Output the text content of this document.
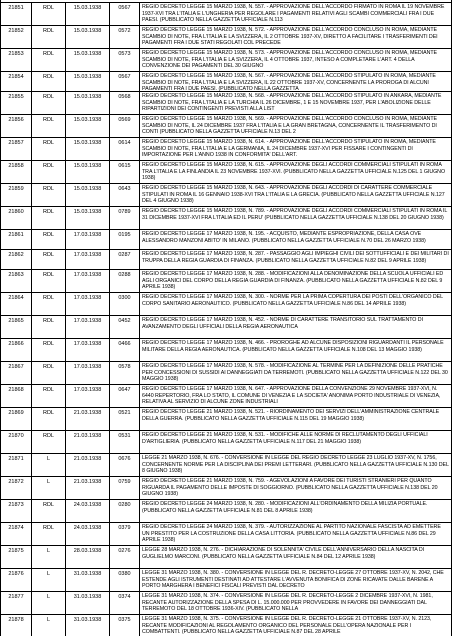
21851	RDL	15.03.1938	0567	REGIO DECRETO LEGGE 15 MARZO 1938, N. 557. - APPROVAZIONE DELL'ACCORDO FIRMATO IN ROMA IL 19 NOVEMBRE 1937-XVI TRA L'ITALIA E L'UNGHERIA PER REGOLARE I PAGAMENTI RELATIVI AGLI SCAMBI COMMERCIALI FRA I DUE PAESI. (PUBBLICATO NELLA GAZZETTA UFFICIALE N.113
21852	RDL	15.03.1938	0572	REGIO DECRETO LEGGE 15 MARZO 1938, N. 572. - APPROVAZIONE DELL'ACCORDO CONCLUSO IN ROMA, MEDIANTE SCAMBIO DI NOTE, FRA L'ITALIA E LA SVIZZERA, IL 2 OTTOBRE 1937-XV, DIRETTO A FACILITARE I TRASFERIMENTI DEI PAGAMENTI FRA I DUE STATI REGOLATI COL PRECEDE
21853	RDL	15.03.1938	0573	REGIO DECRETO LEGGE 15 MARZO 1938, N. 573. - APPROVAZIONE DELL'ACCORDO CONCLUSO IN ROMA, MEDIANTE SCAMBIO DI NOTE, FRA L'ITALIA E LA SVIZZERA, IL 4 OTTOBRE 1937, INTESO A COMPLETARE L'ART. 4 DELLA CONVENZIONE DEI PAGAMENTI DEL 30 GIUGNO
21854	RDL	15.03.1938	0567	REGIO DECRETO LEGGE 15 MARZO 1938, N. 567. - APPROVAZIONE DELL'ACCORDO STIPULATO IN ROMA, MEDIANTE SCAMBIO DI NOTE, FRA L'ITALIA E LA SVIZZERA, IL 22 OTTOBRE 1937-XV, CONCERNENTE LA PROROGA DI ALCUNI PAGAMENTI FRA I DUE PAESI. (PUBBLICATO NELLA GAZZETTA
21855	RDL	15.03.1938	0568	REGIO DECRETO LEGGE 15 MARZO 1938, N. 568. - APPROVAZIONE DELL'ACCORDO STIPULATO IN ANKARA, MEDIANTE SCAMBIO DI NOTE, FRA L'ITALIA E LA TURCHIA IL 26 DICEMBRE, 1 E 15 NOVEMBRE 1937, PER L'ABOLIZIONE DELLE RIPARTIZIONI DEI CONTINGENTI PREVISTI ALLA LIST
21856	RDL	15.03.1938	0569	REGIO DECRETO LEGGE 15 MARZO 1938, N. 569. - APPROVAZIONE DELL'ACCORDO CONCLUSO IN ROMA, MEDIANTE SCAMBIO DI NOTE, IL 24 DICEMBRE 1937 FRA L'ITALIA E LA GRAN BRETAGNA, CONCERNENTE IL TRASFERIMENTO DI CONTI (PUBBLICATO NELLA GAZZETTA UFFICIALE N.13 DEL 2
21857	RDL	15.03.1938	0614	REGIO DECRETO LEGGE 15 MARZO 1938, N. 614. - APPROVAZIONE DELL'ACCORDO STIPULATO IN ROMA, MEDIANTE SCAMBIO DI NOTE, FRA L'ITALIA E LA GERMANIA, IL 24 DICEMBRE 1937-XVI PER FISSARE I CONTINGENTI DI IMPORTAZIONE PER L'ANNO 1938 IN CONFORMITA' DELL'ART.
21858	RDL	15.03.1938	0615	REGIO DECRETO LEGGE 15 MARZO 1938, N. 615. - APPROVAZIONE DEGLI ACCORDI COMMERCIALI STIPULATI IN ROMA TRA L'ITALIA E LA FINLANDIA IL 23 NOVEMBRE 1937-XVI. (PUBBLICATO NELLA GAZZETTA UFFICIALE N.125 DEL 1 GIUGNO 1938)
21859	RDL	15.03.1938	0643	REGIO DECRETO LEGGE 15 MARZO 1938, N. 643. - APPROVAZIONE DEGLI ACCORDI DI CARATTERE COMMERCIALE STIPULATI IN ROMA IL 16 GENNAIO 1938-XVI TRA L'ITALIA E LA GRECIA. (PUBBLICATO NELLA GAZZETTA UFFICIALE N.127 DEL 4 GIUGNO 1938)
21860	RDL	15.03.1938	0789	REGIO DECRETO LEGGE 15 MARZO 1938, N. 789. - APPROVAZIONE DEGLI ACCORDI COMMERCIALI STIPULATI IN ROMA IL 31 DICEMBRE 1937-XVI FRA L'ITALIA ED IL PERU' (PUBBLICATO NELLA GAZZETTA UFFICIALE N.138 DEL 20 GIUGNO 1938)
21861	RDL	17.03.1938	0195	REGIO DECRETO LEGGE 17 MARZO 1938, N. 195. - ACQUISTO, MEDIANTE ESPROPRIAZIONE, DELLA CASA OVE ALESSANDRO MANZONI ABITO' IN MILANO. (PUBBLICATO NELLA GAZZETTA UFFICIALE N.70 DEL 26 MARZO 1938)
21862	RDL	17.03.1938	0287	REGIO DECRETO LEGGE 17 MARZO 1938, N. 287. - PASSAGGIO AGLI IMPIEGHI CIVILI DEI SOTTUFFICIALI E DEI MILITARI DI TRUPPA DELLA REGIA GUARDIA DI FINANZA. (PUBBLICATO NELLA GAZZETTA UFFICIALE N.82 DEL 9 APRILE 1938)
21863	RDL	17.03.1938	0288	REGIO DECRETO LEGGE 17 MARZO 1938, N. 288. - MODIFICAZIONI ALLA DENOMINAZIONE DELLA SCUOLA UFFICIALI ED AGLI ORGANICI DEL CORPO DELLA REGIA GUARDIA DI FINANZA. (PUBBLICATO NELLA GAZZETTA UFFICIALE N.82 DEL 9 APRILE 1938)
21864	RDL	17.03.1938	0300	REGIO DECRETO LEGGE 17 MARZO 1938, N. 300. - NORME PER LA PRIMA COPERTURA DEI POSTI DELL'ORGANICO DEL CORPO SANITARIO AERONAUTICO. (PUBBLICATO NELLA GAZZETTA UFFICIALE N.86 DEL 14 APRILE 1938)
21865	RDL	17.03.1938	0452	REGIO DECRETO LEGGE 17 MARZO 1938, N. 452. - NORME DI CARATTERE TRANSITORIO SUL TRATTAMENTO DI AVANZAMENTO DEGLI UFFICIALI DELLA REGIA AERONAUTICA
21866	RDL	17.03.1938	0466	REGIO DECRETO LEGGE 17 MARZO 1938, N. 466. - PROROGHE AD ALCUNE DISPOSIZIONI RIGUARDANTI IL PERSONALE MILITARE DELLA REGIA AERONAUTICA. (PUBBLICATO NELLA GAZZETTA UFFICIALE N.108 DEL 13 MAGGIO 1938)
21867	RDL	17.03.1938	0578	REGIO DECRETO LEGGE 17 MARZO 1938, N. 578. - MODIFICAZIONE AL TERMINE PER LA DEFINIZIONE DELLE PRATICHE PER CONCESSIONI DI SUSSIDI AI DANNEGGIATI DA TERREMOTI. (PUBBLICATO NELLA GAZZETTA UFFICIALE N.122 DEL 30 MAGGIO 1938)
21868	RDL	17.03.1938	0647	REGIO DECRETO LEGGE 17 MARZO 1938, N. 647. - APPROVAZIONE DELLA CONVENZIONE 29 NOVEMBRE 1937-XVI, N. 6440 REPERTORIO, FRA LO STATO, IL COMUNE DI VENEZIA E LA SOCIETA' ANONIMA PORTO INDUSTRIALE DI VENEZIA, RELATIVA AL SERVIZIO DI ALCUNE ZONE INDUSTRIALI
21869	RDL	21.03.1938	0521	REGIO DECRETO LEGGE 21 MARZO 1938, N. 521. - RIORDINAMENTO DEI SERVIZI DELL'AMMINISTRAZIONE CENTRALE DELLA GUERRA. (PUBBLICATO NELLA GAZZETTA UFFICIALE N.115 DEL 19 MAGGIO 1938)
21870	RDL	21.03.1938	0531	REGIO DECRETO LEGGE 21 MARZO 1938, N. 531. - MODIFICHE ALLE NORME DI RECLUTAMENTO DEGLI UFFICIALI D'ARTIGLIERIA. (PUBBLICATO NELLA GAZZETTA UFFICIALE N.117 DEL 21 MAGGIO 1938)
21871	L	21.03.1938	0676	LEGGE 21 MARZO 1938, N. 676. - CONVERSIONE IN LEGGE DEL REGIO DECRETO LEGGE 23 LUGLIO 1937-XV, N. 1756, CONCERNENTE NORME PER LA DISCIPLINA DEI PREMI LETTERARI. (PUBBLICATO NELLA GAZZETTA UFFICIALE N.130 DEL 8 GIUGNO 1938)
21872	L	21.03.1938	0759	REGIO DECRETO LEGGE 21 MARZO 1938, N. 759. - AGEVOLAZIONI A FAVORE DEI TURISTI STRANIERI PER QUANTO RIGUARDA IL PAGAMENTO DELLE IMPOSTE DI SOGGIORNO. (PUBBLICATO NELLA GAZZETTA UFFICIALE N.138 DEL 20 GIUGNO 1938)
21873	RDL	24.03.1938	0280	REGIO DECRETO LEGGE 24 MARZO 1938, N. 280. - MODIFICAZIONI ALL'ORDINAMENTO DELLA MILIZIA PORTUALE. (PUBBLICATO NELLA GAZZETTA UFFICIALE N.81 DEL 8 APRILE 1938)
21874	RDL	24.03.1938	0379	REGIO DECRETO LEGGE 24 MARZO 1938, N. 379. - AUTORIZZAZIONE AL PARTITO NAZIONALE FASCISTA AD EMETTERE UN PRESTITO PER LA COSTRUZIONE DELLA CASA LITTORIA. (PUBBLICATO NELLA GAZZETTA UFFICIALE N.86 DEL 29 APRILE 1938)
21875	L	28.03.1938	0276	LEGGE 28 MARZO 1938, N. 276. - DICHIARAZIONE DI SOLENNITA' CIVILE DELL'ANNIVERSARIO DELLA NASCITA DI GUGLIELMO MARCONI. (PUBBLICATO NELLA GAZZETTA UFFICIALE N.84 DEL 12 APRILE 1938)
21876	L	31.03.1938	0380	LEGGE 31 MARZO 1938, N. 380. - CONVERSIONE IN LEGGE DEL R. DECRETO-LEGGE 27 OTTOBRE 1937-XV, N. 2042, CHE ESTENDE AGLI ISTRUMENTI DESTINATI AD ATTESTARE L'AVVENUTA BONIFICA DI ZONE RICAVATE DALLE BARENE A PORTO MARGHERA I BENEFICI FISCALI PREVISTI DAL DECRETO
21877	L	31.03.1938	0374	LEGGE 31 MARZO 1938, N. 374. - CONVERSIONE IN LEGGE DEL R. DECRETO-LEGGE 2 DICEMBRE 1937-XVI, N. 1981, RECANTE AUTORIZZAZIONE DELLA SPESA DI L. 15.000.000 PER PROVVEDERE IN FAVORE DEI DANNEGGIATI DAL TERREMOTO DEL 18 OTTOBRE 1936-XIV. (PUBBLICATO NELLA
21878	L	31.03.1938	0375	LEGGE 31 MARZO 1938, N. 375. - CONVERSIONE IN LEGGE DEL R. DECRETO-LEGGE 21 OTTOBRE 1937-XV, N. 2123, RECANTE MODIFICAZIONI AL REGOLAMENTO ORGANICO DEL PERSONALE DELL'OPERA NAZIONALE PER I COMBATTENTI. (PUBBLICATO NELLA GAZZETTA UFFICIALE N.87 DEL 28 APRILE
